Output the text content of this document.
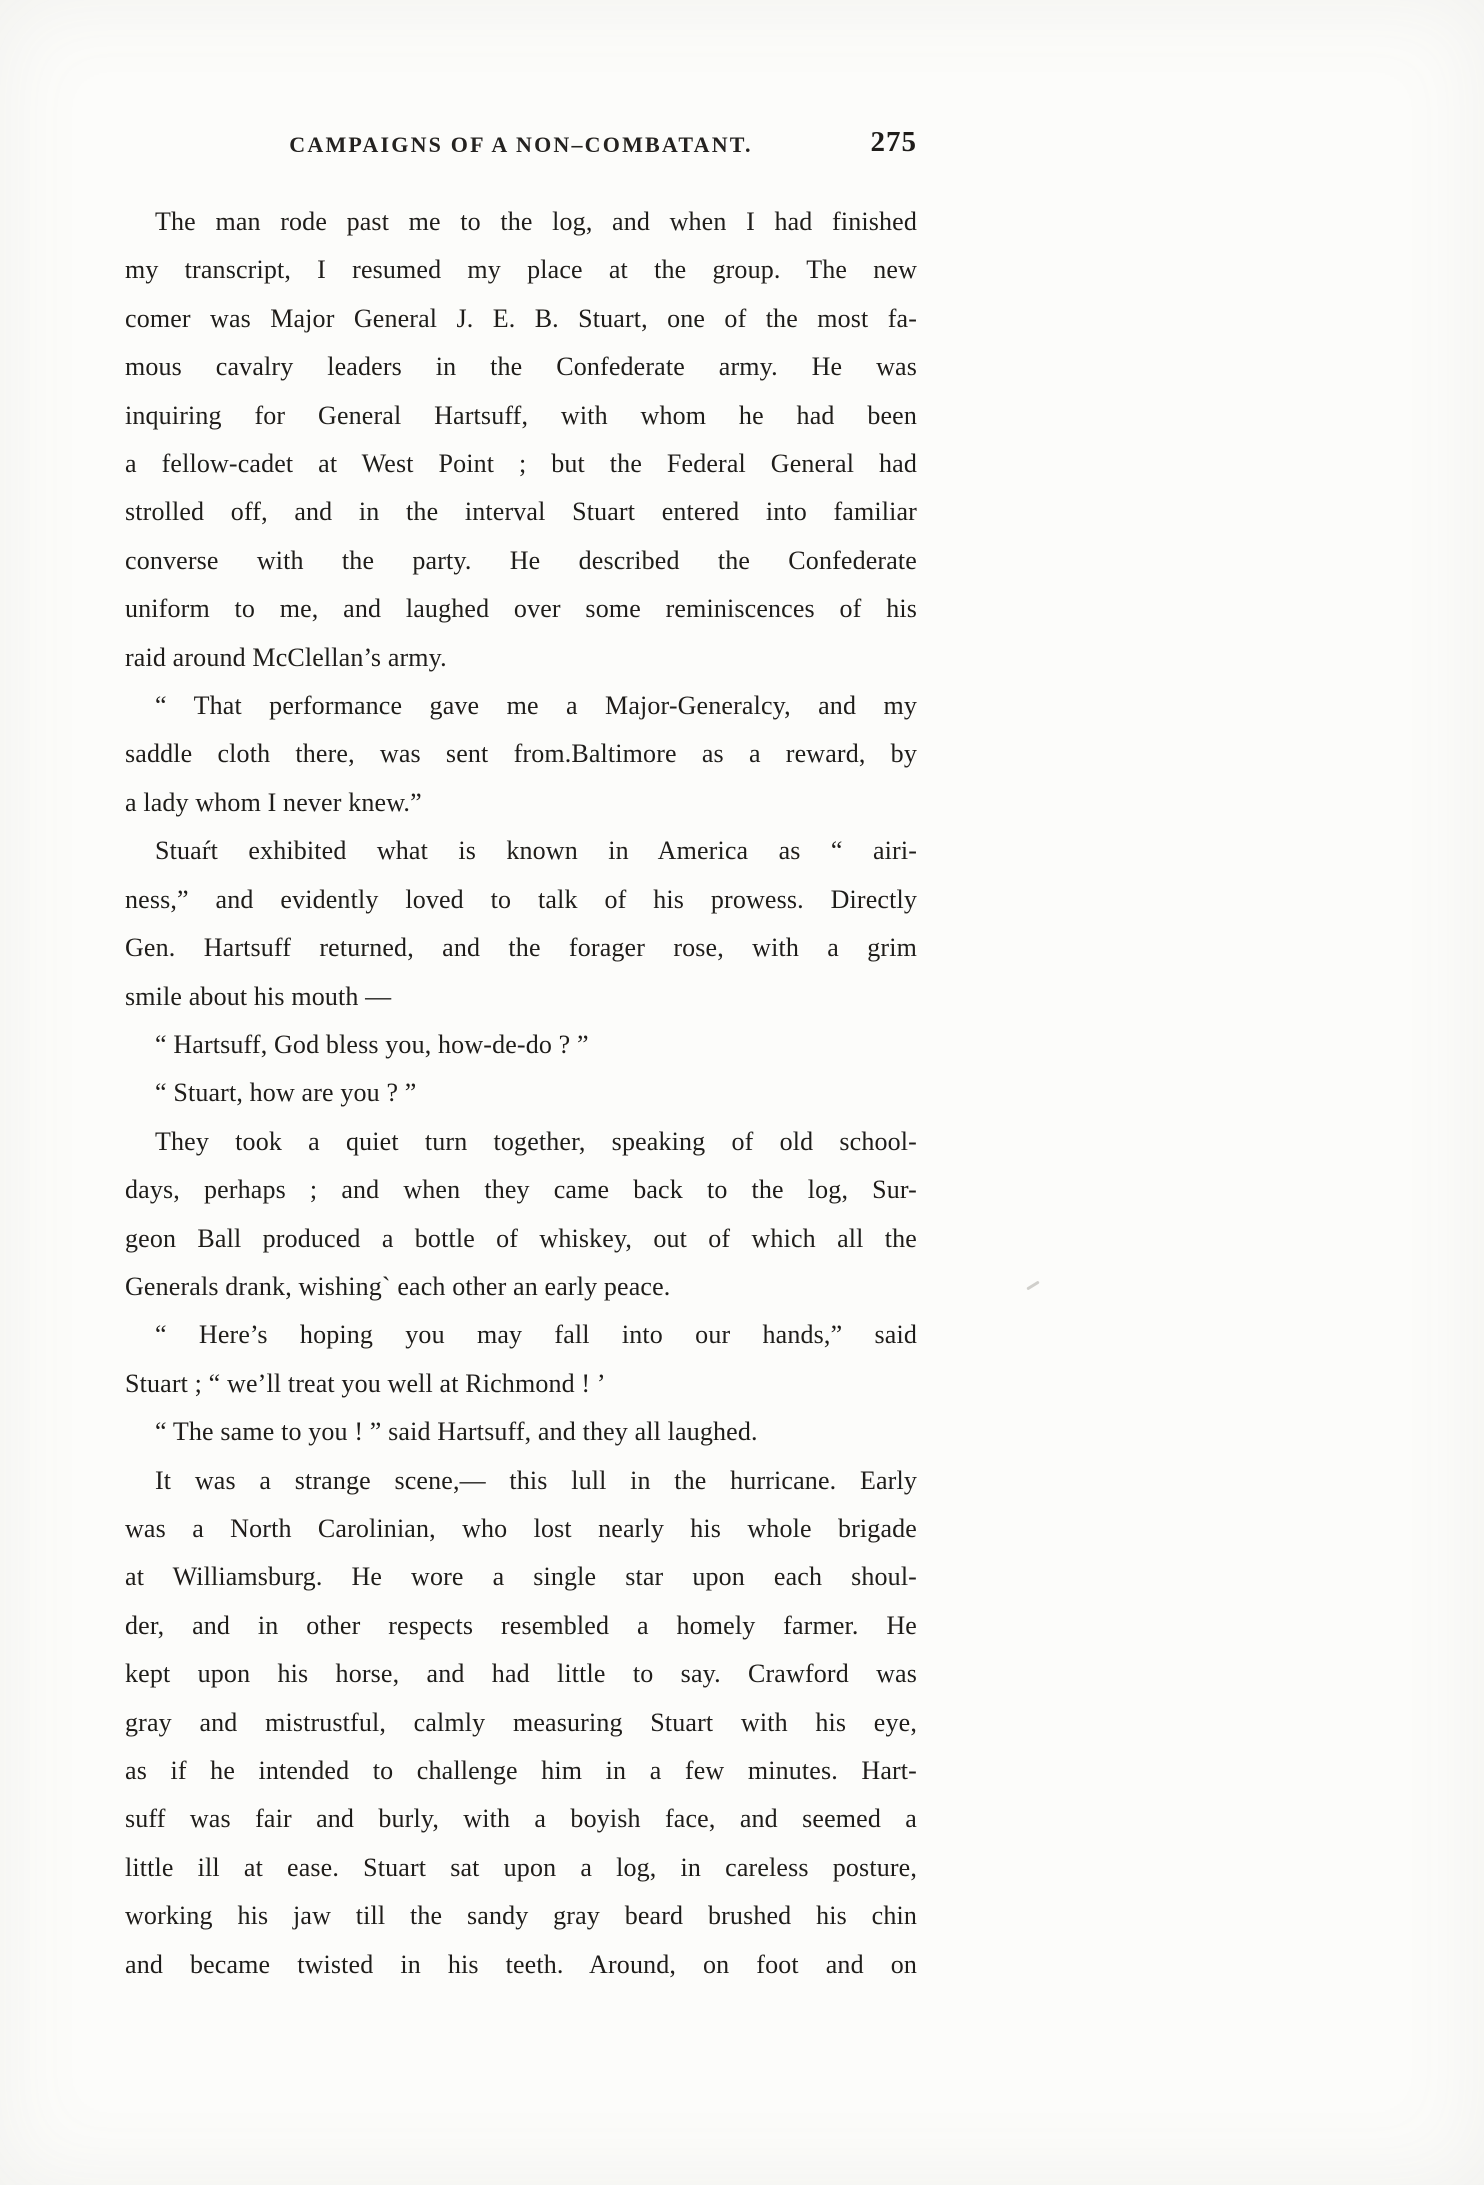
CAMPAIGNS OF A NON–COMBATANT.	275
The man rode past me to the log, and when I had finished
my transcript, I resumed my place at the group. The new
comer was Major General J. E. B. Stuart, one of the most fa-
mous cavalry leaders in the Confederate army. He was
inquiring for General Hartsuff, with whom he had been
a fellow-cadet at West Point ; but the Federal General had
strolled off, and in the interval Stuart entered into familiar
converse with the party. He described the Confederate
uniform to me, and laughed over some reminiscences of his
raid around McClellan’s army.
“ That performance gave me a Major-Generalcy, and my
saddle cloth there, was sent from.Baltimore as a reward, by
a lady whom I never knew.”
Stuaŕt exhibited what is known in America as “ airi-
ness,” and evidently loved to talk of his prowess. Directly
Gen. Hartsuff returned, and the forager rose, with a grim
smile about his mouth —
“ Hartsuff, God bless you, how-de-do ? ”
“ Stuart, how are you ? ”
They took a quiet turn together, speaking of old school-
days, perhaps ; and when they came back to the log, Sur-
geon Ball produced a bottle of whiskey, out of which all the
Generals drank, wishing` each other an early peace.
“ Here’s hoping you may fall into our hands,” said
Stuart ; “ we’ll treat you well at Richmond ! ’
“ The same to you ! ” said Hartsuff, and they all laughed.
It was a strange scene,— this lull in the hurricane. Early
was a North Carolinian, who lost nearly his whole brigade
at Williamsburg. He wore a single star upon each shoul-
der, and in other respects resembled a homely farmer. He
kept upon his horse, and had little to say. Crawford was
gray and mistrustful, calmly measuring Stuart with his eye,
as if he intended to challenge him in a few minutes. Hart-
suff was fair and burly, with a boyish face, and seemed a
little ill at ease. Stuart sat upon a log, in careless posture,
working his jaw till the sandy gray beard brushed his chin
and became twisted in his teeth. Around, on foot and on
